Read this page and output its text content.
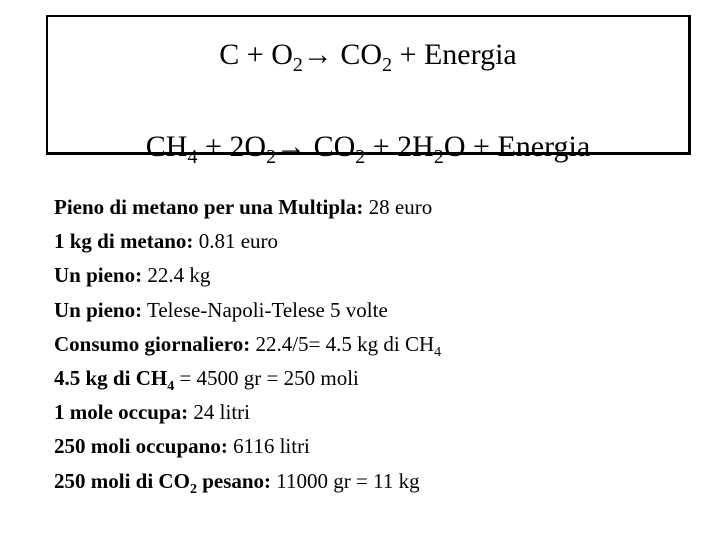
$C + O_2\to CO_2$ + Energia
$CH_4 + 2O_2\to CO_2 + 2H_2O$ + Energia
Pieno di metano per una Multipla: 28 euro
1 kg di metano: 0.81 euro
Un pieno: 22.4 kg
Un pieno: Telese-Napoli-Telese 5 volte
Consumo giornaliero: 22.4/5= 4.5 kg di $CH_4$
4.5 kg di $CH_4 = 4500$ gr = 250 moli
1 mole occupa: 24 litri
250 moli occupano: 6116 litri
250 moli di $CO_2$ pesano: 11000 gr = 11 kg
